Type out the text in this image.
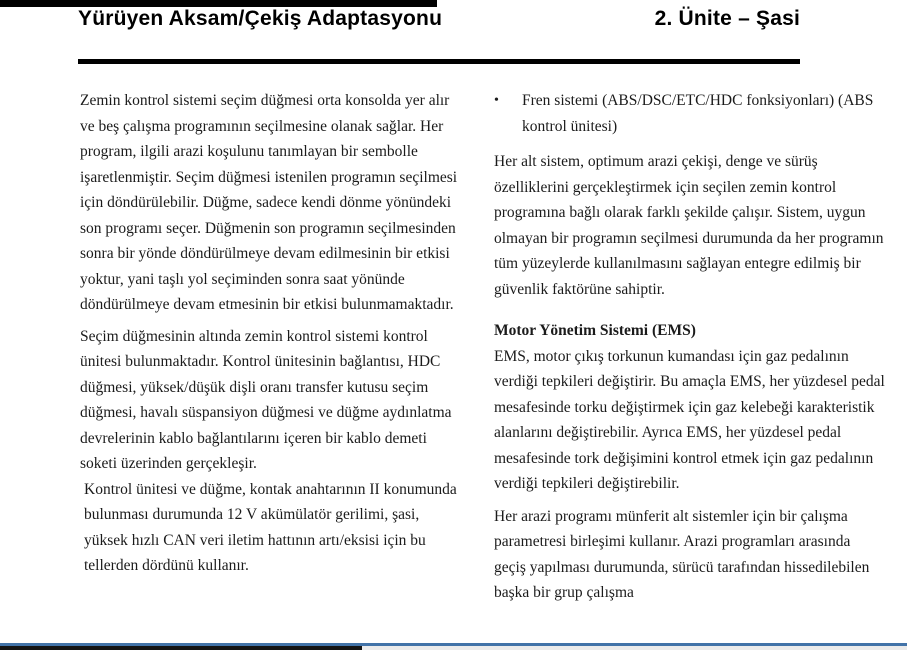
Yürüyen Aksam/Çekiş Adaptasyonu	2. Ünite – Şasi

Zemin kontrol sistemi seçim düğmesi orta konsolda yer alır ve beş çalışma programının seçilmesine olanak sağlar. Her program, ilgili arazi koşulunu tanımlayan bir sembolle işaretlenmiştir. Seçim düğmesi istenilen programın seçilmesi için döndürülebilir. Düğme, sadece kendi dönme yönündeki son programı seçer. Düğmenin son programın seçilmesinden sonra bir yönde döndürülmeye devam edilmesinin bir etkisi yoktur, yani taşlı yol seçiminden sonra saat yönünde döndürülmeye devam etmesinin bir etkisi bulunmamaktadır.

Seçim düğmesinin altında zemin kontrol sistemi kontrol ünitesi bulunmaktadır. Kontrol ünitesinin bağlantısı, HDC düğmesi, yüksek/düşük dişli oranı transfer kutusu seçim düğmesi, havalı süspansiyon düğmesi ve düğme aydınlatma devrelerinin kablo bağlantılarını içeren bir kablo demeti soketi üzerinden gerçekleşir.

Kontrol ünitesi ve düğme, kontak anahtarının II konumunda bulunması durumunda 12 V akümülatör gerilimi, şasi, yüksek hızlı CAN veri iletim hattının artı/eksisi için bu tellerden dördünü kullanır.

•	Fren sistemi (ABS/DSC/ETC/HDC fonksiyonları) (ABS kontrol ünitesi)

Her alt sistem, optimum arazi çekişi, denge ve sürüş özelliklerini gerçekleştirmek için seçilen zemin kontrol programına bağlı olarak farklı şekilde çalışır. Sistem, uygun olmayan bir programın seçilmesi durumunda da her programın tüm yüzeylerde kullanılmasını sağlayan entegre edilmiş bir güvenlik faktörüne sahiptir.

Motor Yönetim Sistemi (EMS)

EMS, motor çıkış torkunun kumandası için gaz pedalının verdiği tepkileri değiştirir. Bu amaçla EMS, her yüzdesel pedal mesafesinde torku değiştirmek için gaz kelebeği karakteristik alanlarını değiştirebilir. Ayrıca EMS, her yüzdesel pedal mesafesinde tork değişimini kontrol etmek için gaz pedalının verdiği tepkileri değiştirebilir.

Her arazi programı münferit alt sistemler için bir çalışma parametresi birleşimi kullanır. Arazi programları arasında geçiş yapılması durumunda, sürücü tarafından hissedilebilen başka bir grup çalışma
